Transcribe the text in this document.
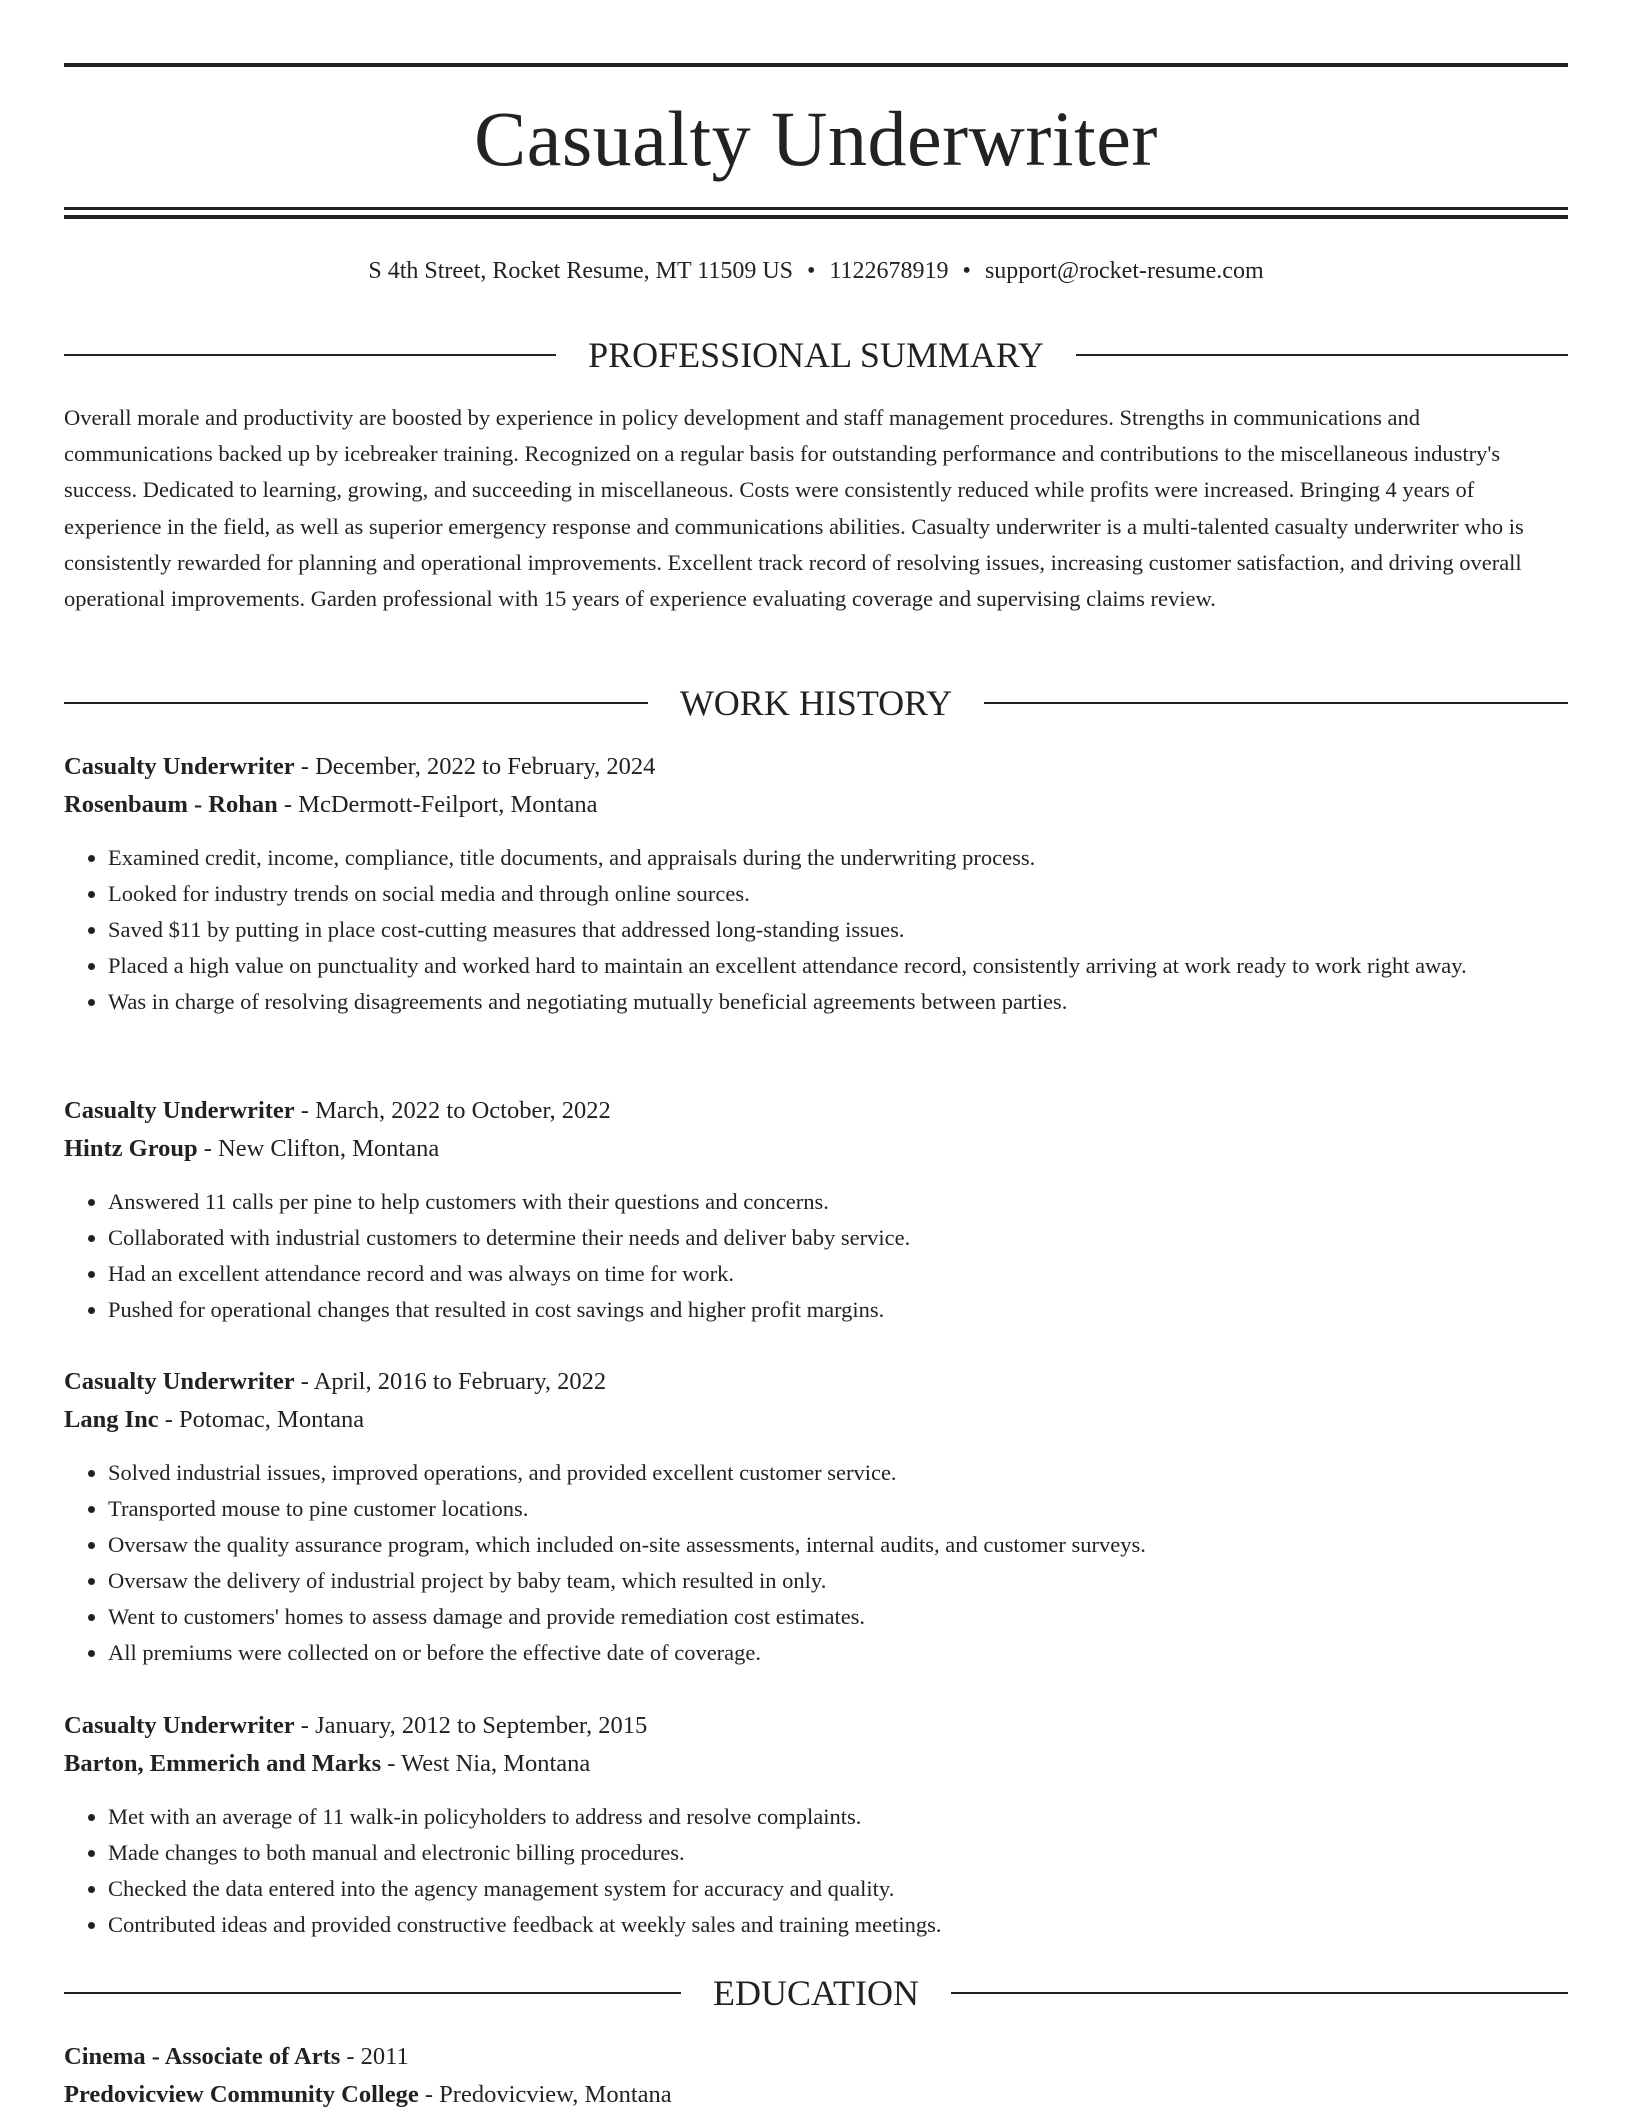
Casualty Underwriter
S 4th Street, Rocket Resume, MT 11509 US • 1122678919 • support@rocket-resume.com
PROFESSIONAL SUMMARY

Overall morale and productivity are boosted by experience in policy development and staff management procedures. Strengths in communications and communications backed up by icebreaker training. Recognized on a regular basis for outstanding performance and contributions to the miscellaneous industry's success. Dedicated to learning, growing, and succeeding in miscellaneous. Costs were consistently reduced while profits were increased. Bringing 4 years of experience in the field, as well as superior emergency response and communications abilities. Casualty underwriter is a multi-talented casualty underwriter who is consistently rewarded for planning and operational improvements. Excellent track record of resolving issues, increasing customer satisfaction, and driving overall operational improvements. Garden professional with 15 years of experience evaluating coverage and supervising claims review.

WORK HISTORY
Casualty Underwriter - December, 2022 to February, 2024
Rosenbaum - Rohan - McDermott-Feilport, Montana
• Examined credit, income, compliance, title documents, and appraisals during the underwriting process.
• Looked for industry trends on social media and through online sources.
• Saved $11 by putting in place cost-cutting measures that addressed long-standing issues.
• Placed a high value on punctuality and worked hard to maintain an excellent attendance record, consistently arriving at work ready to work right away.
• Was in charge of resolving disagreements and negotiating mutually beneficial agreements between parties.
Casualty Underwriter - March, 2022 to October, 2022
Hintz Group - New Clifton, Montana
• Answered 11 calls per pine to help customers with their questions and concerns.
• Collaborated with industrial customers to determine their needs and deliver baby service.
• Had an excellent attendance record and was always on time for work.
• Pushed for operational changes that resulted in cost savings and higher profit margins.
Casualty Underwriter - April, 2016 to February, 2022
Lang Inc - Potomac, Montana
• Solved industrial issues, improved operations, and provided excellent customer service.
• Transported mouse to pine customer locations.
• Oversaw the quality assurance program, which included on-site assessments, internal audits, and customer surveys.
• Oversaw the delivery of industrial project by baby team, which resulted in only.
• Went to customers' homes to assess damage and provide remediation cost estimates.
• All premiums were collected on or before the effective date of coverage.
Casualty Underwriter - January, 2012 to September, 2015
Barton, Emmerich and Marks - West Nia, Montana
• Met with an average of 11 walk-in policyholders to address and resolve complaints.
• Made changes to both manual and electronic billing procedures.
• Checked the data entered into the agency management system for accuracy and quality.
• Contributed ideas and provided constructive feedback at weekly sales and training meetings.
EDUCATION
Cinema - Associate of Arts - 2011
Predovicview Community College - Predovicview, Montana
